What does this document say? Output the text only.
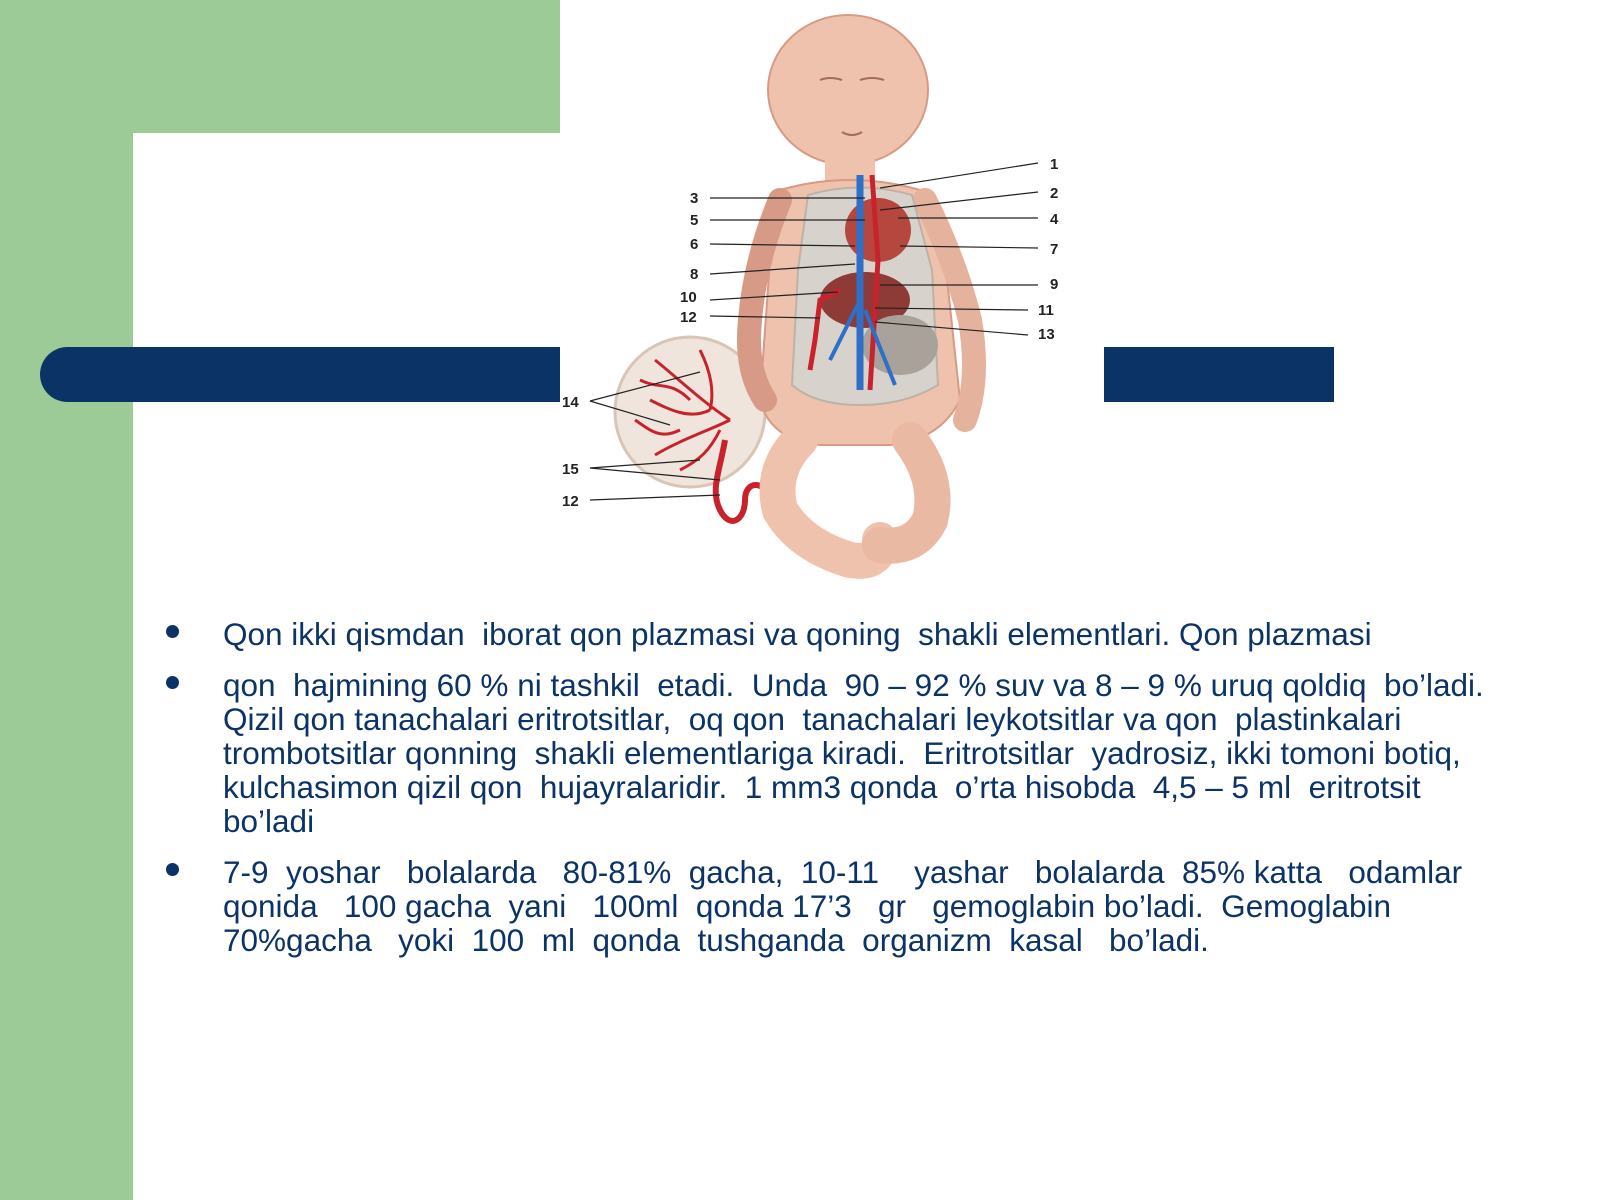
1
2
4
7
9
11
13
3
5
6
8
10
12
14
15
12
Qon ikki qismdan  iborat qon plazmasi va qoning  shakli elementlari. Qon plazmasi
qon  hajmining 60 % ni tashkil  etadi.  Unda  90 – 92 % suv va 8 – 9 % uruq qoldiq  bo’ladi.  Qizil qon tanachalari eritrotsitlar,  oq qon  tanachalari leykotsitlar va qon  plastinkalari trombotsitlar qonning  shakli elementlariga kiradi.  Eritrotsitlar  yadrosiz, ikki tomoni botiq,  kulchasimon qizil qon  hujayralaridir.  1 mm3 qonda  o’rta hisobda  4,5 – 5 ml  eritrotsit  bo’ladi
7-9  yoshar   bolalarda   80-81%  gacha,  10-11    yashar   bolalarda  85% katta   odamlar qonida   100 gacha  yani   100ml  qonda 17’3   gr   gemoglabin bo’ladi.  Gemoglabin  70%gacha   yoki  100  ml  qonda  tushganda  organizm  kasal   bo’ladi.
